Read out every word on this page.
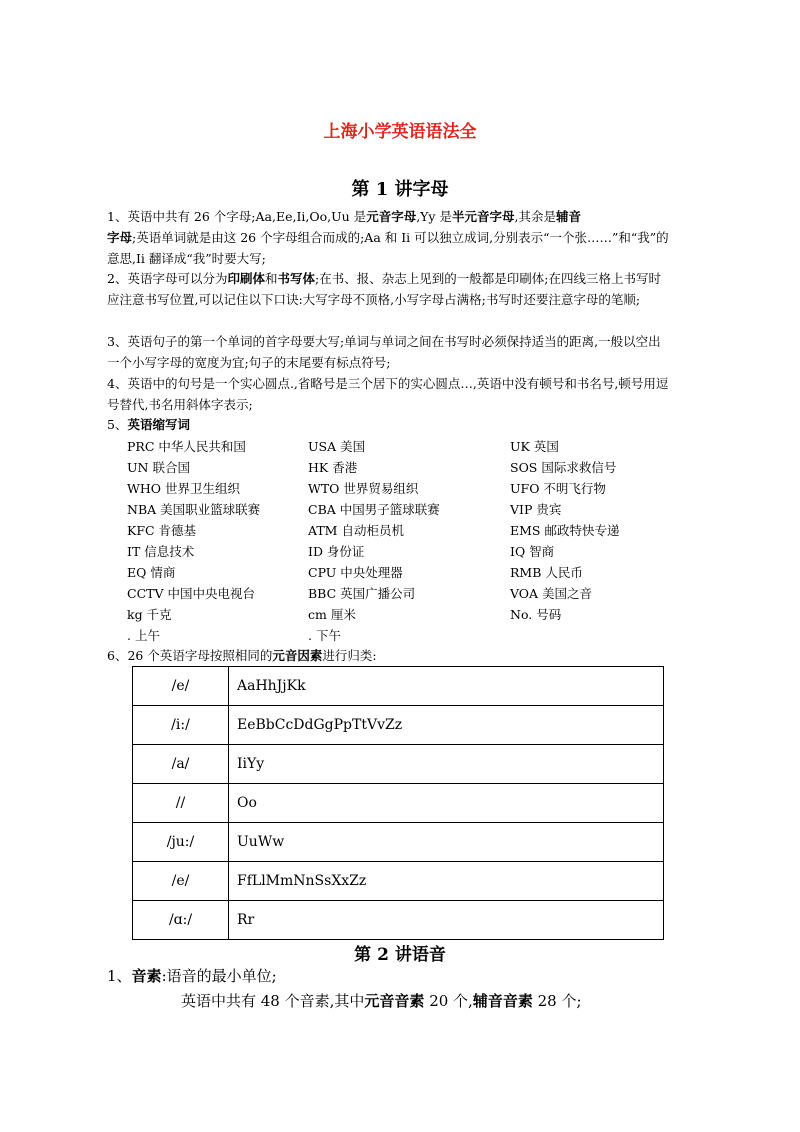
上海小学英语语法全
第 1 讲字母
1、英语中共有 26 个字母;Aa,Ee,Ii,Oo,Uu 是元音字母,Yy 是半元音字母,其余是辅音
字母;英语单词就是由这 26 个字母组合而成的;Aa 和 Ii 可以独立成词,分别表示“一个张……”和“我”的意思,Ii 翻译成“我”时要大写;
2、英语字母可以分为印刷体和书写体;在书、报、杂志上见到的一般都是印刷体;在四线三格上书写时应注意书写位置,可以记住以下口诀:大写字母不顶格,小写字母占满格;书写时还要注意字母的笔顺;
3、英语句子的第一个单词的首字母要大写;单词与单词之间在书写时必须保持适当的距离,一般以空出一个小写字母的宽度为宜;句子的末尾要有标点符号;
4、英语中的句号是一个实心圆点.,省略号是三个居下的实心圆点…,英语中没有顿号和书名号,顿号用逗号替代,书名用斜体字表示;
5、英语缩写词
PRC 中华人民共和国	USA 美国	UK 英国
UN 联合国	HK 香港	SOS 国际求救信号
WHO 世界卫生组织	WTO 世界贸易组织	UFO 不明飞行物
NBA 美国职业篮球联赛	CBA 中国男子篮球联赛	VIP 贵宾
KFC 肯德基	ATM 自动柜员机	EMS 邮政特快专递
IT 信息技术	ID 身份证	IQ 智商
EQ 情商	CPU 中央处理器	RMB 人民币
CCTV 中国中央电视台	BBC 英国广播公司	VOA 美国之音
kg 千克	cm 厘米	No. 号码
. 上午	. 下午
6、26 个英语字母按照相同的元音因素进行归类:
/e/	AaHhJjKk
/i:/	EeBbCcDdGgPpTtVvZz
/a/	IiYy
//	Oo
/ju:/	UuWw
/e/	FfLlMmNnSsXxZz
/ɑ:/	Rr
第 2 讲语音
1、音素:语音的最小单位;
英语中共有 48 个音素,其中元音音素 20 个,辅音音素 28 个;
